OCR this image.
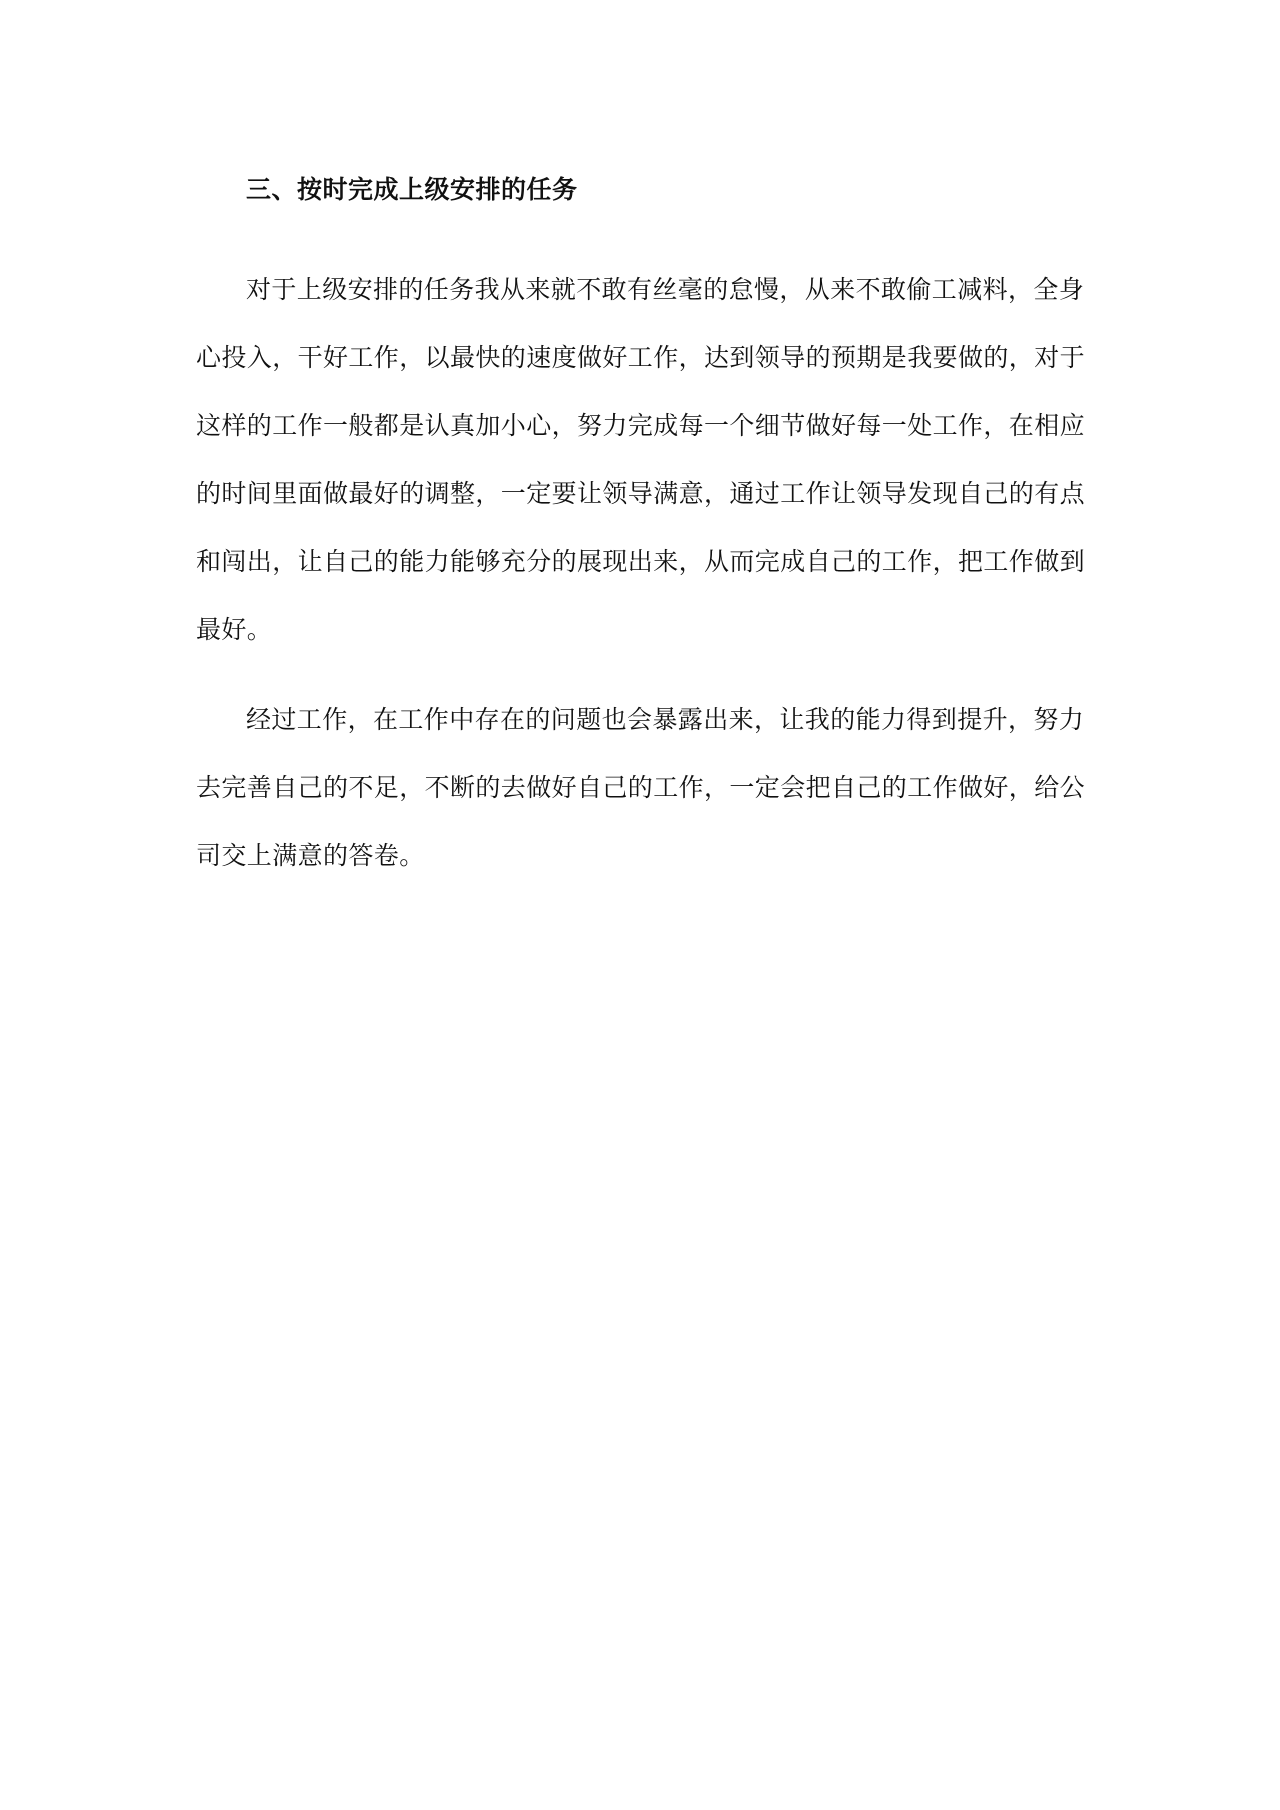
三、按时完成上级安排的任务
对于上级安排的任务我从来就不敢有丝毫的怠慢，从来不敢偷工减料，全身
心投入，干好工作，以最快的速度做好工作，达到领导的预期是我要做的，对于
这样的工作一般都是认真加小心，努力完成每一个细节做好每一处工作，在相应
的时间里面做最好的调整，一定要让领导满意，通过工作让领导发现自己的有点
和闯出，让自己的能力能够充分的展现出来，从而完成自己的工作，把工作做到
最好。
经过工作，在工作中存在的问题也会暴露出来，让我的能力得到提升，努力
去完善自己的不足，不断的去做好自己的工作，一定会把自己的工作做好，给公
司交上满意的答卷。
